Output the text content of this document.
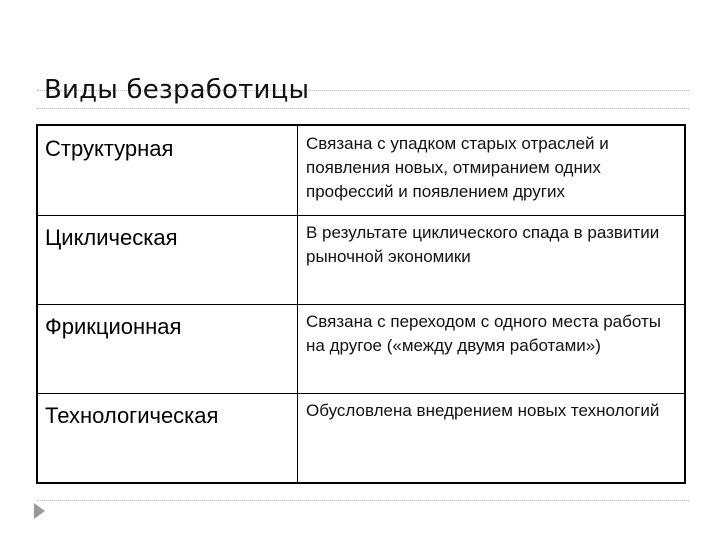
Виды безработицы
Структурная	Связана с упадком старых отраслей и появления новых, отмиранием одних профессий и появлением других
Циклическая	В результате циклического спада в развитии рыночной экономики
Фрикционная	Связана с переходом с одного места работы на другое («между двумя работами»)
Технологическая	Обусловлена внедрением новых технологий
